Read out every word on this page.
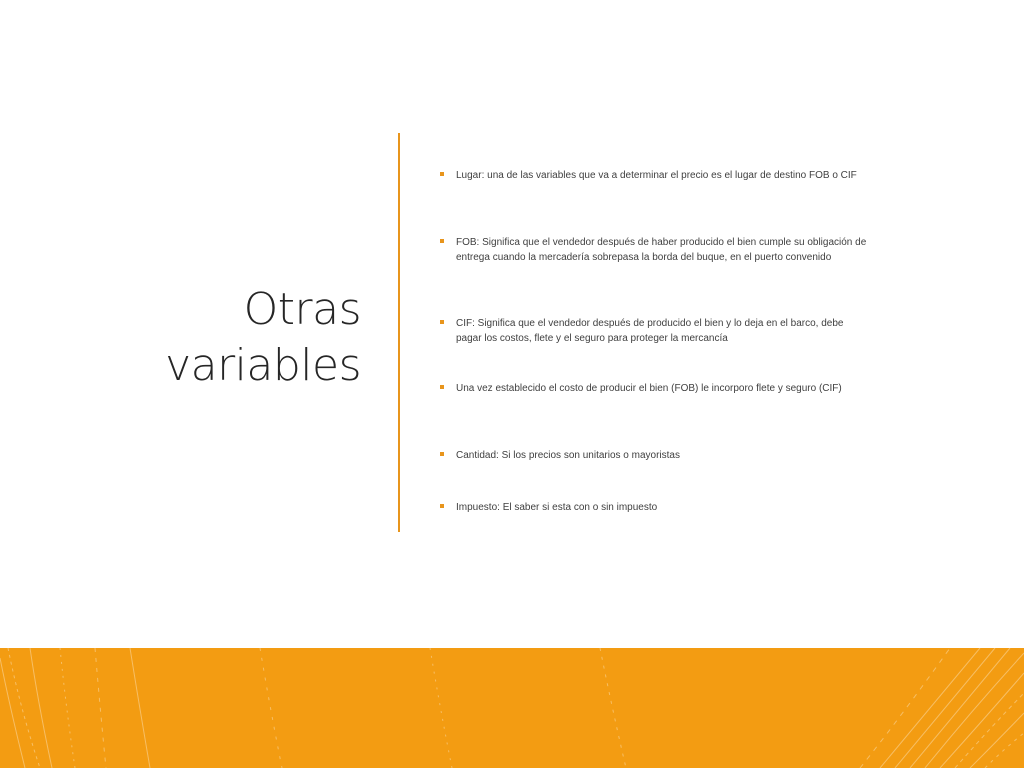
Otras
variables
Lugar: una de las variables que va a determinar el precio es el lugar de destino FOB o CIF
FOB: Significa que el vendedor después de haber producido el bien cumple su obligación de entrega cuando la mercadería sobrepasa la borda del buque, en el puerto convenido
CIF: Significa que el vendedor después de producido el bien y lo deja en el barco, debe pagar los costos, flete y el seguro para proteger la mercancía
Una vez establecido el costo de producir el bien (FOB) le incorporo flete y seguro (CIF)
Cantidad: Si los precios son unitarios o mayoristas
Impuesto: El saber si esta con o sin impuesto
